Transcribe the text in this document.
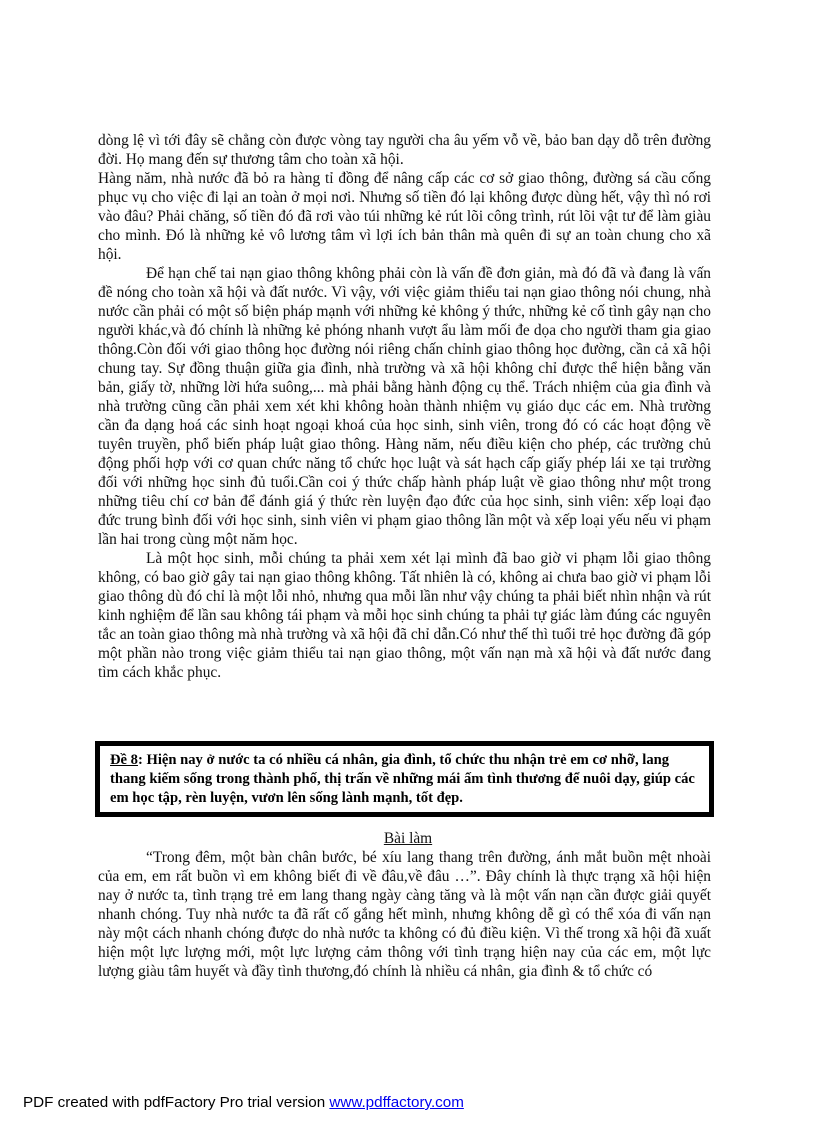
dòng lệ vì tới đây sẽ chẳng còn được vòng tay người cha âu yếm vỗ về, bảo ban dạy dỗ trên đường đời. Họ mang đến sự thương tâm cho toàn xã hội.

Hàng năm, nhà nước đã bỏ ra hàng tỉ đồng để nâng cấp các cơ sở giao thông, đường sá cầu cống phục vụ cho việc đi lại an toàn ở mọi nơi. Nhưng số tiền đó lại không được dùng hết, vậy thì nó rơi vào đâu? Phải chăng, số tiền đó đã rơi vào túi những kẻ rút lõi công trình, rút lõi vật tư để làm giàu cho mình. Đó là những kẻ vô lương tâm vì lợi ích bản thân mà quên đi sự an toàn chung cho xã hội.

Để hạn chế tai nạn giao thông không phải còn là vấn đề đơn giản, mà đó đã và đang là vấn đề nóng cho toàn xã hội và đất nước. Vì vậy, với việc giảm thiểu tai nạn giao thông nói chung, nhà nước cần phải có một số biện pháp mạnh với những kẻ không ý thức, những kẻ cố tình gây nạn cho người khác,và đó chính là những kẻ phóng nhanh vượt ẩu làm mối đe dọa cho người tham gia giao thông.Còn đối với giao thông học đường nói riêng chấn chỉnh giao thông học đường, cần cả xã hội chung tay. Sự đồng thuận giữa gia đình, nhà trường và xã hội không chỉ được thể hiện bằng văn bản, giấy tờ, những lời hứa suông,... mà phải bằng hành động cụ thể. Trách nhiệm của gia đình và nhà trường cũng cần phải xem xét khi không hoàn thành nhiệm vụ giáo dục các em. Nhà trường cần đa dạng hoá các sinh hoạt ngoại khoá của học sinh, sinh viên, trong đó có các hoạt động về tuyên truyền, phổ biến pháp luật giao thông. Hàng năm, nếu điều kiện cho phép, các trường chủ động phối hợp với cơ quan chức năng tổ chức học luật và sát hạch cấp giấy phép lái xe tại trường đối với những học sinh đủ tuổi.Cần coi ý thức chấp hành pháp luật về giao thông như một trong những tiêu chí cơ bản để đánh giá ý thức rèn luyện đạo đức của học sinh, sinh viên: xếp loại đạo đức trung bình đối với học sinh, sinh viên vi phạm giao thông lần một và xếp loại yếu nếu vi phạm lần hai trong cùng một năm học.

Là một học sinh, mỗi chúng ta phải xem xét lại mình đã bao giờ vi phạm lỗi giao thông không, có bao giờ gây tai nạn giao thông không. Tất nhiên là có, không ai chưa bao giờ vi phạm lỗi giao thông dù đó chỉ là một lỗi nhỏ, nhưng qua mỗi lần như vậy chúng ta phải biết nhìn nhận và rút kinh nghiệm để lần sau không tái phạm và mỗi học sinh chúng ta phải tự giác làm đúng các nguyên tắc an toàn giao thông mà nhà trường và xã hội đã chỉ dẫn.Có như thế thì tuổi trẻ học đường đã góp một phần nào trong việc giảm thiểu tai nạn giao thông, một vấn nạn mà xã hội và đất nước đang tìm cách khắc phục.

Đề 8: Hiện nay ở nước ta có nhiều cá nhân, gia đình, tổ chức thu nhận trẻ em cơ nhỡ, lang thang kiếm sống trong thành phố, thị trấn về những mái ấm tình thương để nuôi dạy, giúp các em học tập, rèn luyện, vươn lên sống lành mạnh, tốt đẹp.
Bài làm

“Trong đêm, một bàn chân bước, bé xíu lang thang trên đường, ánh mắt buồn mệt nhoài của em, em rất buồn vì em không biết đi về đâu,về đâu …”. Đây chính là thực trạng xã hội hiện nay ở nước ta, tình trạng trẻ em lang thang ngày càng tăng và là một vấn nạn cần được giải quyết nhanh chóng. Tuy nhà nước ta đã rất cố gắng hết mình, nhưng không dễ gì có thể xóa đi vấn nạn này một cách nhanh chóng được do nhà nước ta không có đủ điều kiện. Vì thế trong xã hội đã xuất hiện một lực lượng mới, một lực lượng cảm thông với tình trạng hiện nay của các em, một lực lượng giàu tâm huyết và đầy tình thương,đó chính là nhiều cá nhân, gia đình & tổ chức có

PDF created with pdfFactory Pro trial version www.pdffactory.com
